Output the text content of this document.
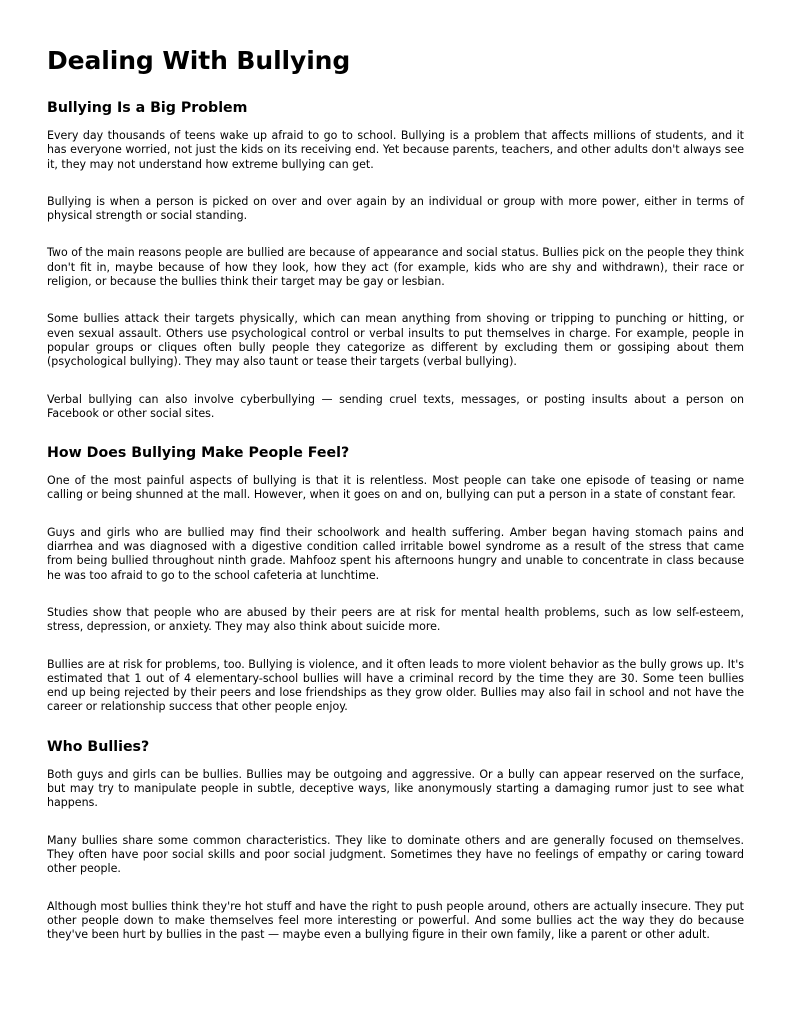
Dealing With Bullying
Bullying Is a Big Problem

Every day thousands of teens wake up afraid to go to school. Bullying is a problem that affects millions of students, and it has everyone worried, not just the kids on its receiving end. Yet because parents, teachers, and other adults don't always see it, they may not understand how extreme bullying can get.

Bullying is when a person is picked on over and over again by an individual or group with more power, either in terms of physical strength or social standing.

Two of the main reasons people are bullied are because of appearance and social status. Bullies pick on the people they think don't fit in, maybe because of how they look, how they act (for example, kids who are shy and withdrawn), their race or religion, or because the bullies think their target may be gay or lesbian.

Some bullies attack their targets physically, which can mean anything from shoving or tripping to punching or hitting, or even sexual assault. Others use psychological control or verbal insults to put themselves in charge. For example, people in popular groups or cliques often bully people they categorize as different by excluding them or gossiping about them (psychological bullying). They may also taunt or tease their targets (verbal bullying).

Verbal bullying can also involve cyberbullying — sending cruel texts, messages, or posting insults about a person on Facebook or other social sites.

How Does Bullying Make People Feel?

One of the most painful aspects of bullying is that it is relentless. Most people can take one episode of teasing or name calling or being shunned at the mall. However, when it goes on and on, bullying can put a person in a state of constant fear.

Guys and girls who are bullied may find their schoolwork and health suffering. Amber began having stomach pains and diarrhea and was diagnosed with a digestive condition called irritable bowel syndrome as a result of the stress that came from being bullied throughout ninth grade. Mahfooz spent his afternoons hungry and unable to concentrate in class because he was too afraid to go to the school cafeteria at lunchtime.

Studies show that people who are abused by their peers are at risk for mental health problems, such as low self-esteem, stress, depression, or anxiety. They may also think about suicide more.

Bullies are at risk for problems, too. Bullying is violence, and it often leads to more violent behavior as the bully grows up. It's estimated that 1 out of 4 elementary-school bullies will have a criminal record by the time they are 30. Some teen bullies end up being rejected by their peers and lose friendships as they grow older. Bullies may also fail in school and not have the career or relationship success that other people enjoy.

Who Bullies?

Both guys and girls can be bullies. Bullies may be outgoing and aggressive. Or a bully can appear reserved on the surface, but may try to manipulate people in subtle, deceptive ways, like anonymously starting a damaging rumor just to see what happens.

Many bullies share some common characteristics. They like to dominate others and are generally focused on themselves. They often have poor social skills and poor social judgment. Sometimes they have no feelings of empathy or caring toward other people.

Although most bullies think they're hot stuff and have the right to push people around, others are actually insecure. They put other people down to make themselves feel more interesting or powerful. And some bullies act the way they do because they've been hurt by bullies in the past — maybe even a bullying figure in their own family, like a parent or other adult.
